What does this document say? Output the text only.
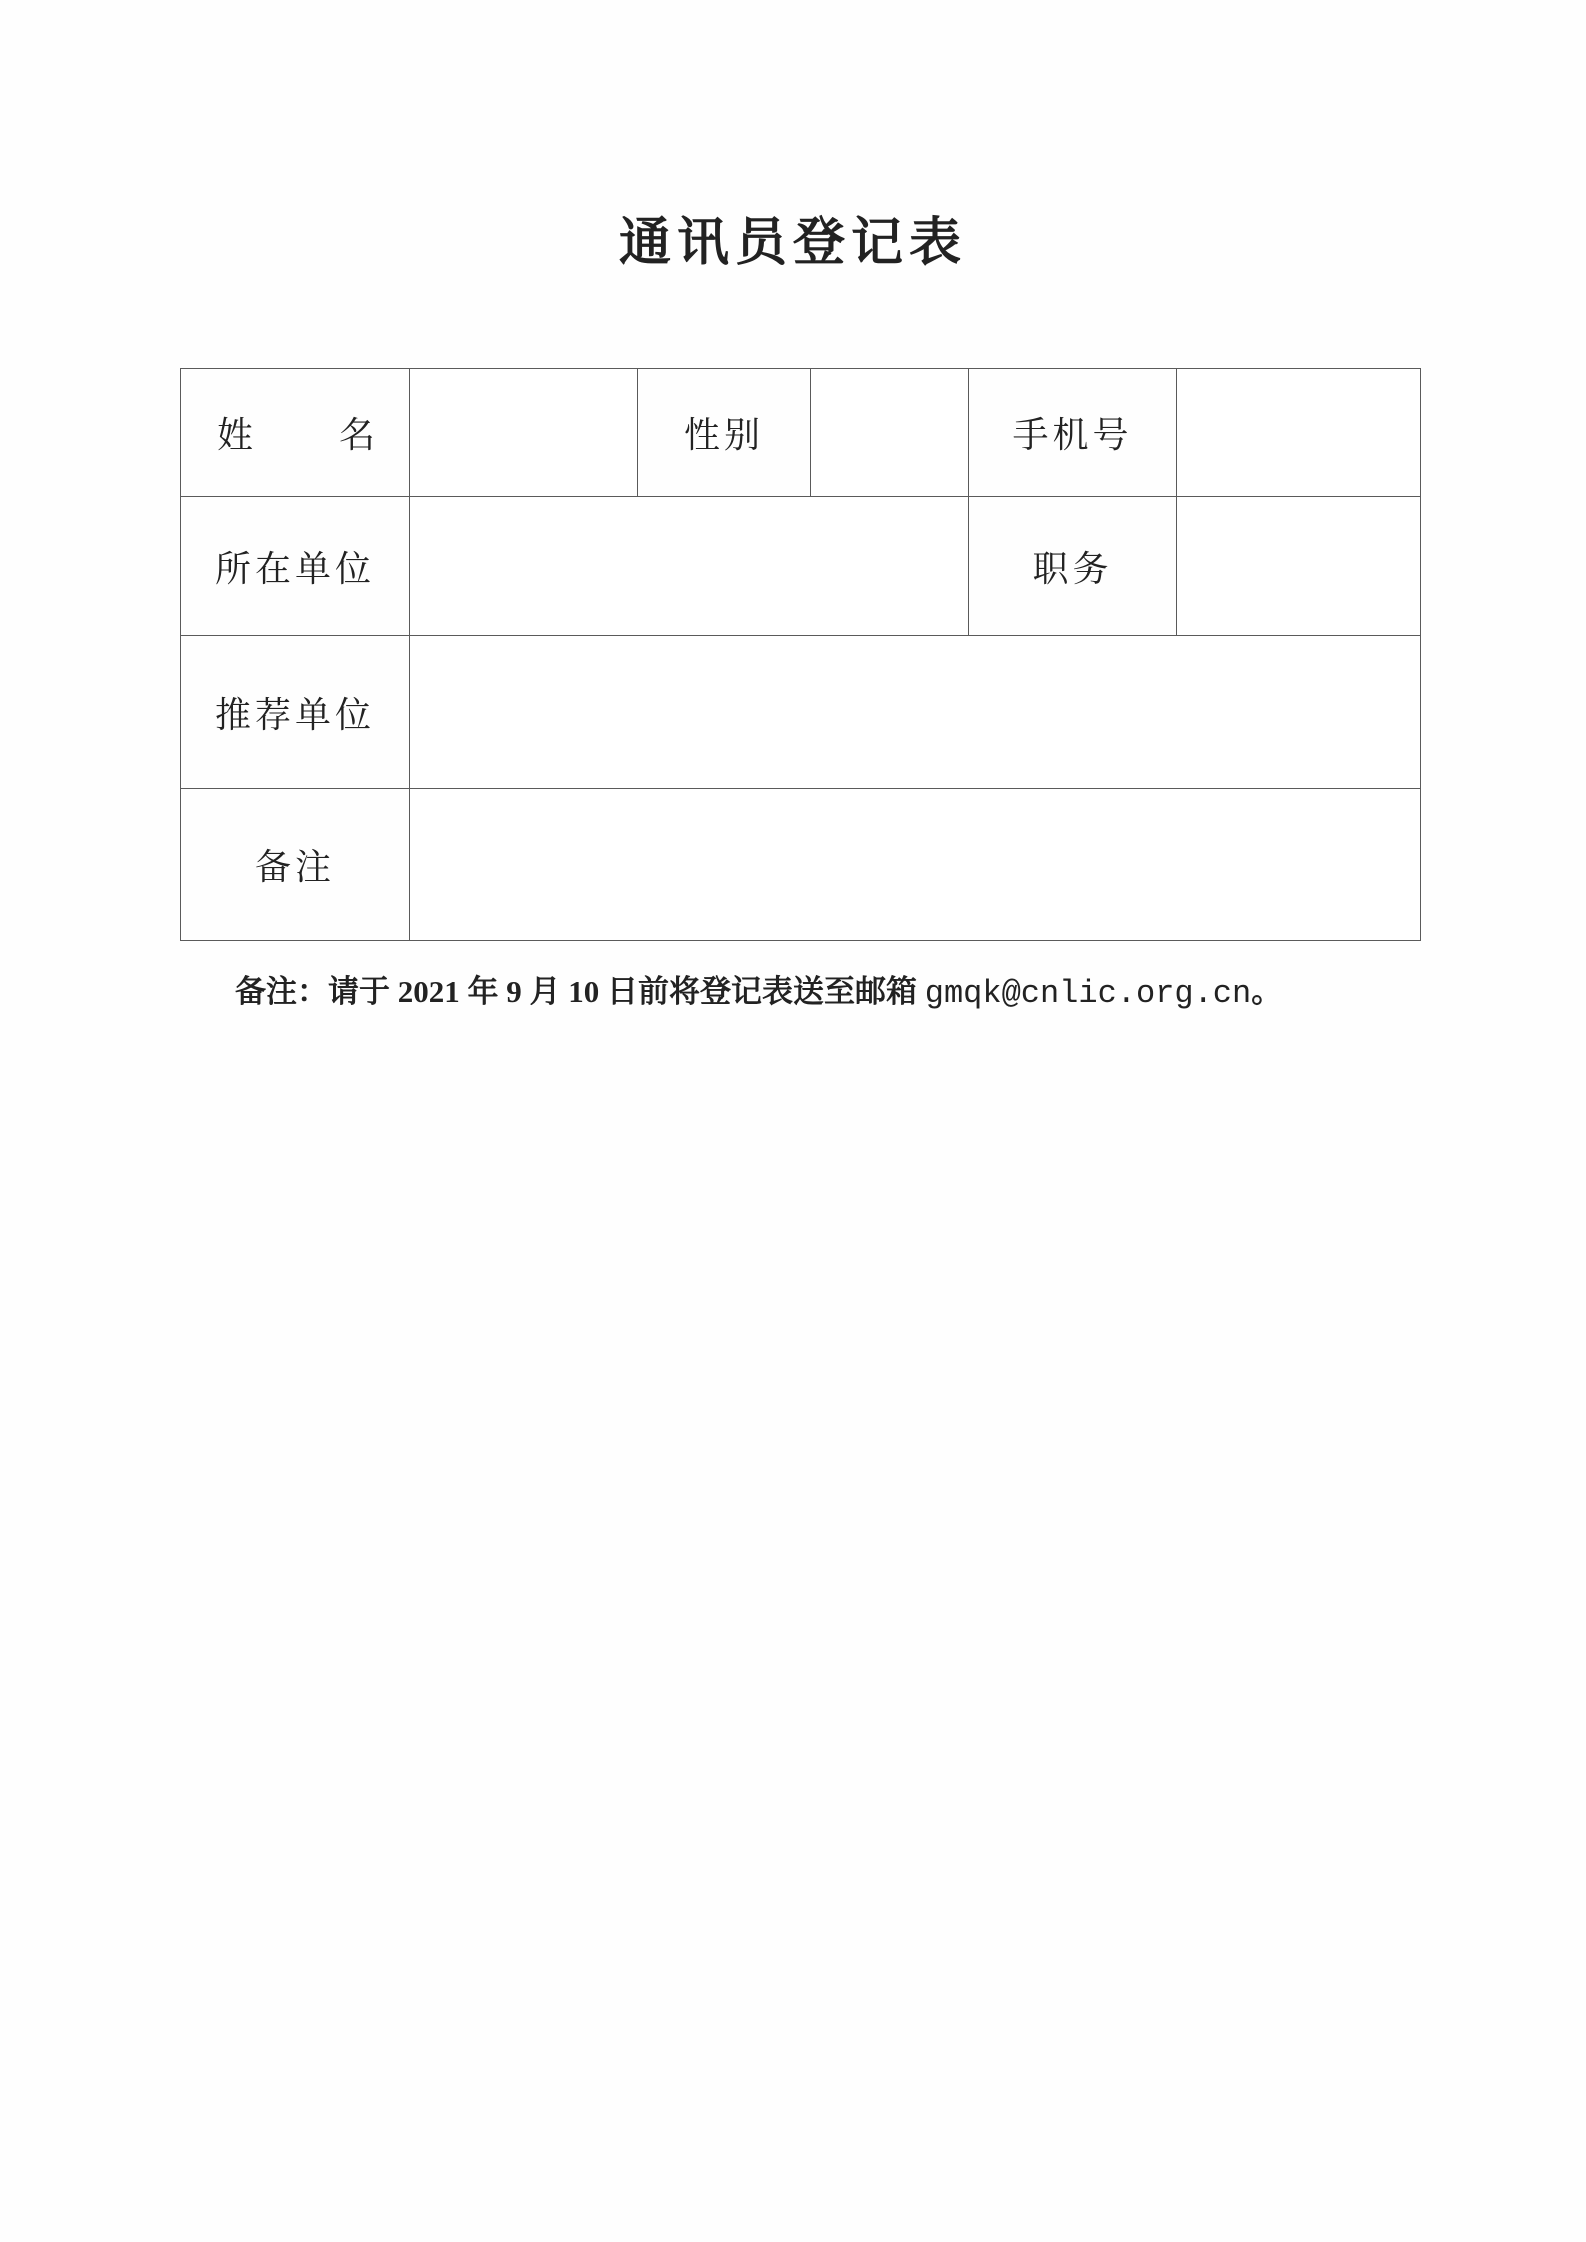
通讯员登记表
姓 名	性别	手机号
所在单位	职务
推荐单位
备注
备注：请于 2021 年 9 月 10 日前将登记表送至邮箱 gmqk@cnlic.org.cn。
